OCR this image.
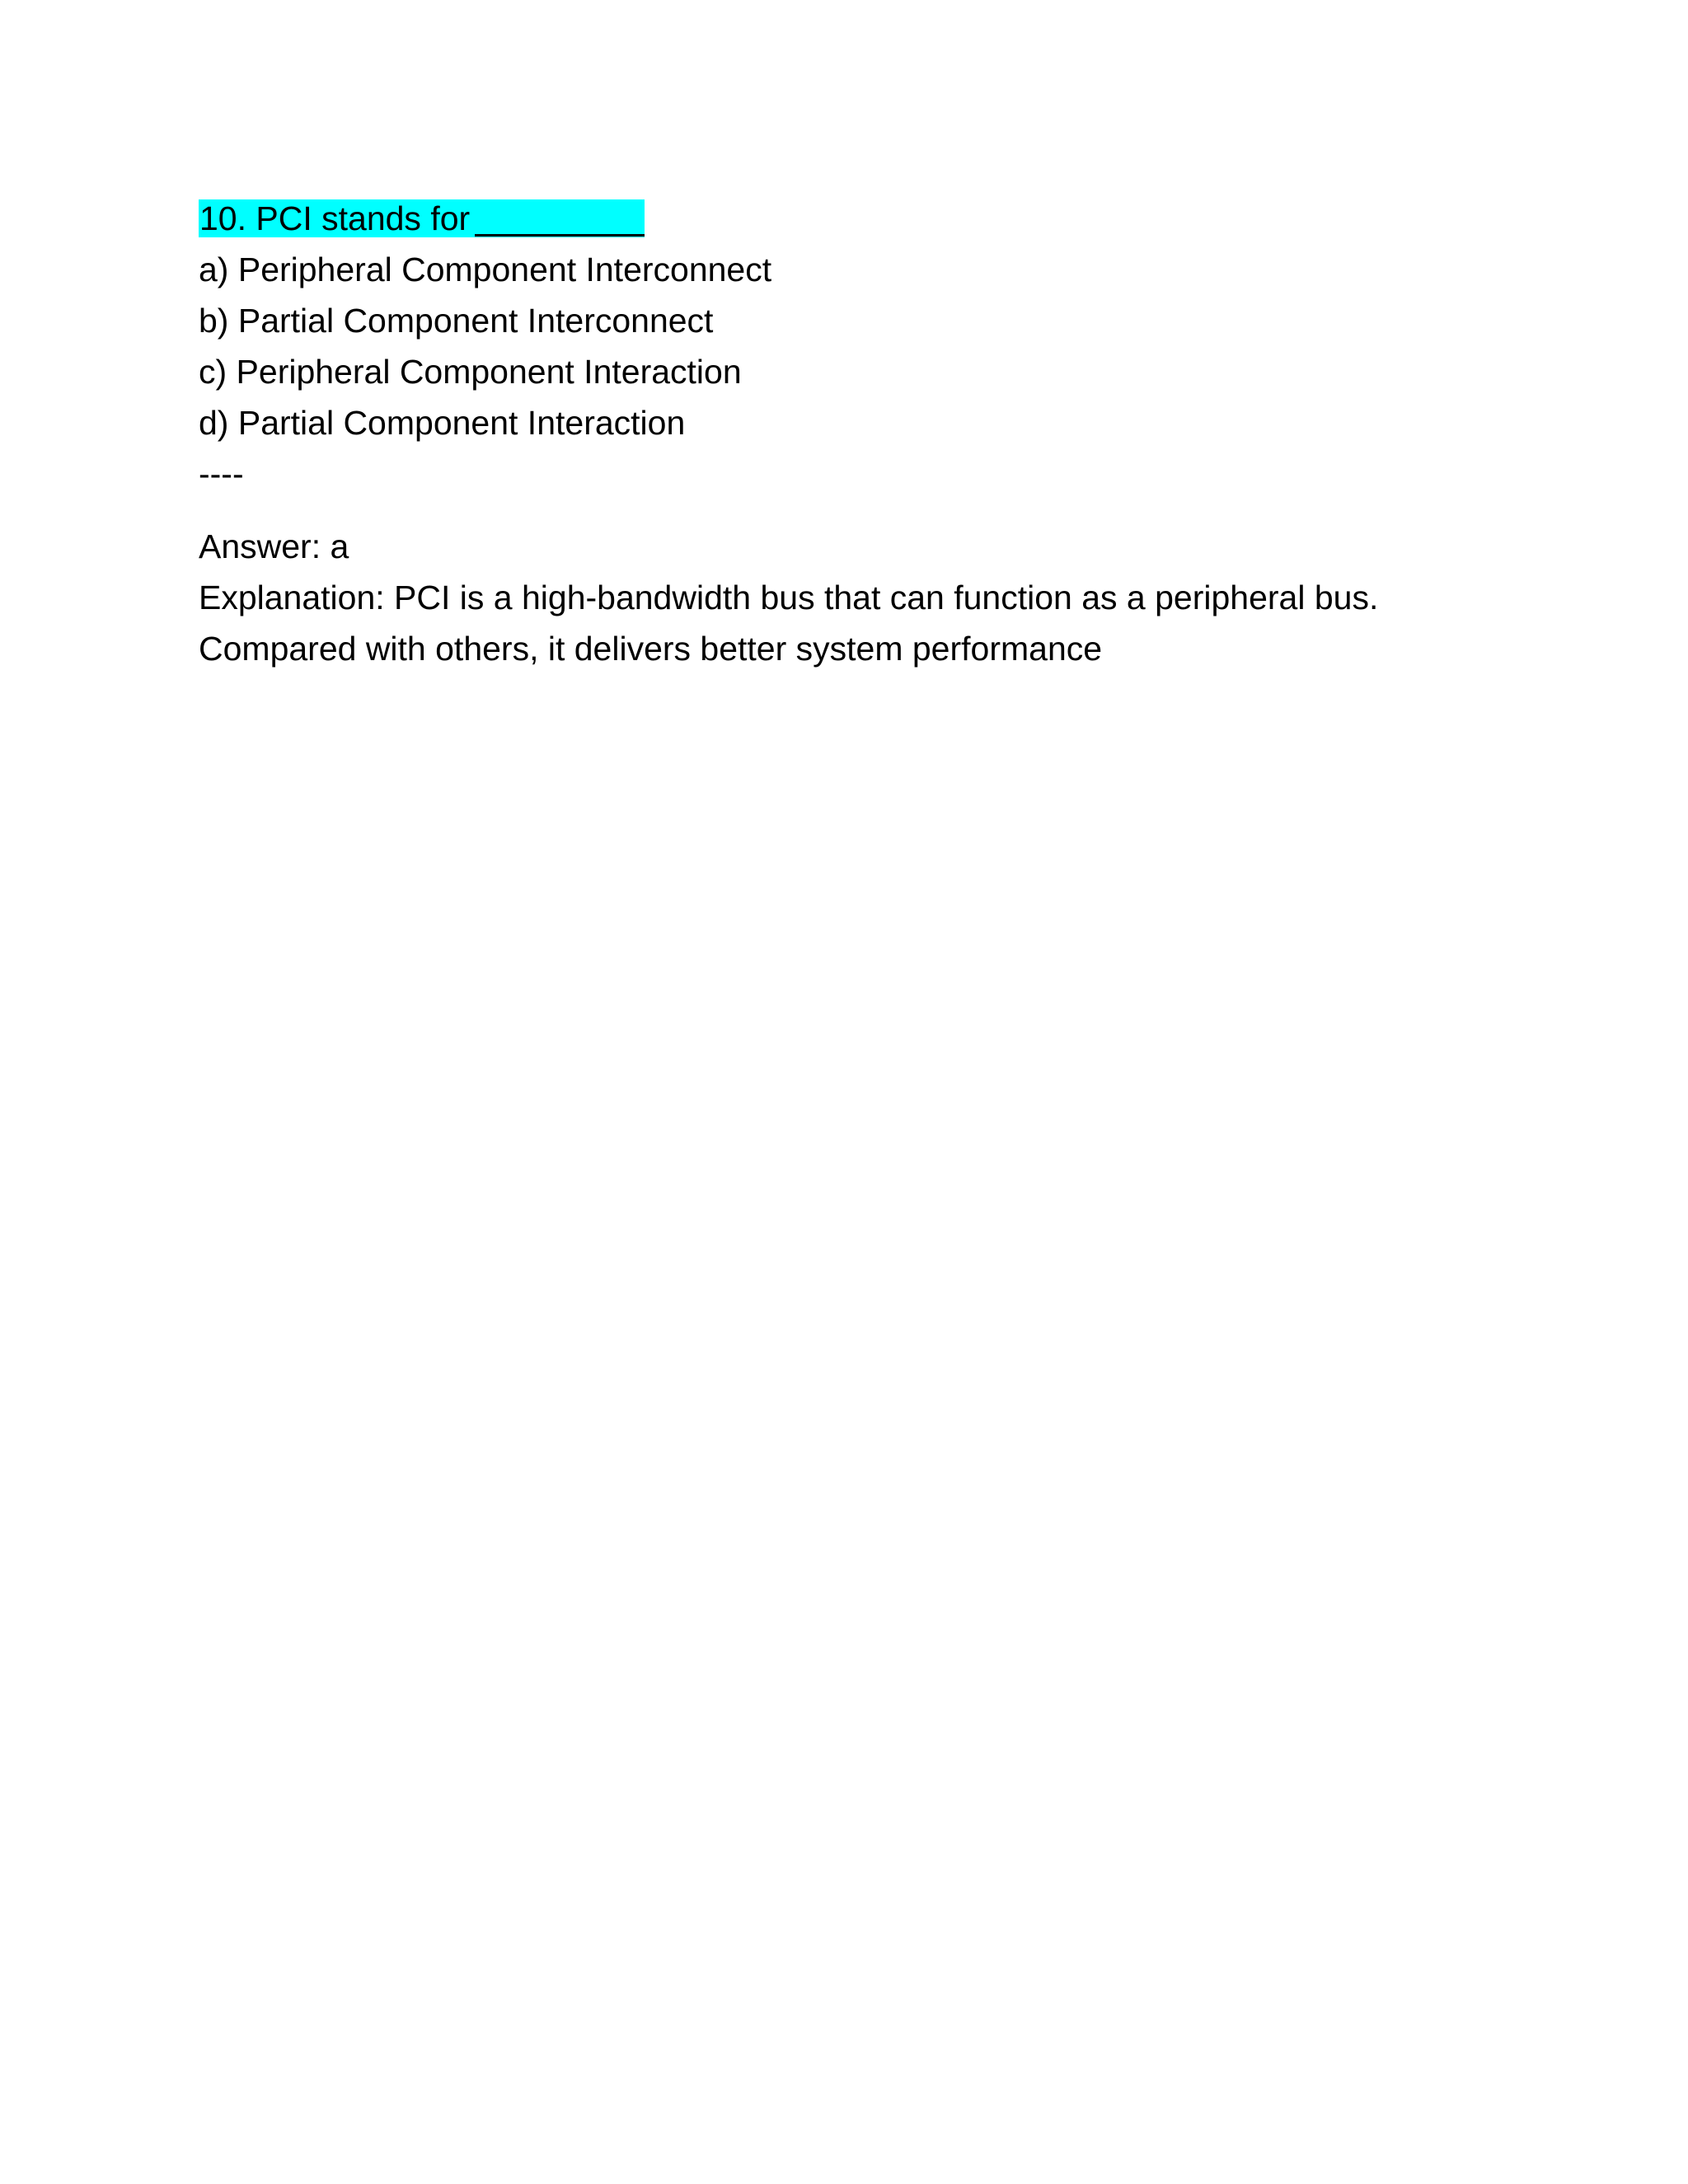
10. PCI stands for
a) Peripheral Component Interconnect
b) Partial Component Interconnect
c) Peripheral Component Interaction
d) Partial Component Interaction
----
Answer: a
Explanation: PCI is a high-bandwidth bus that can function as a peripheral bus.
Compared with others, it delivers better system performance
